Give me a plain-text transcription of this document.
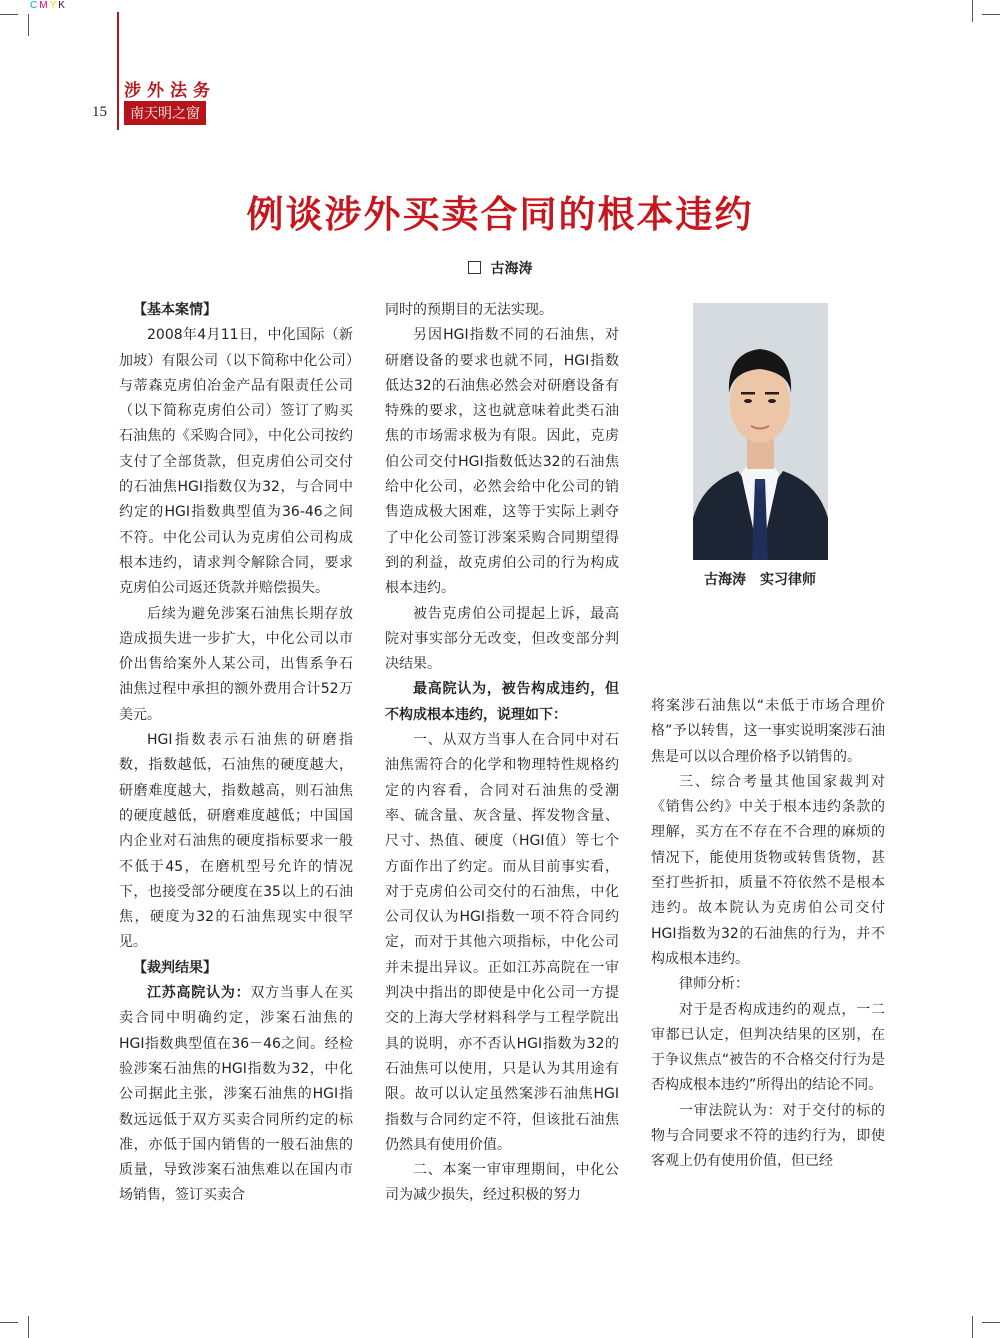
CMYK
涉外法务
15	南天明之窗
例谈涉外买卖合同的根本违约
古海涛

【基本案情】

2008年4月11日，中化国际（新加坡）有限公司（以下简称中化公司）与蒂森克虏伯冶金产品有限责任公司（以下简称克虏伯公司）签订了购买石油焦的《采购合同》，中化公司按约支付了全部货款，但克虏伯公司交付的石油焦HGI指数仅为32，与合同中约定的HGI指数典型值为36-46之间不符。中化公司认为克虏伯公司构成根本违约，请求判令解除合同，要求克虏伯公司返还货款并赔偿损失。

后续为避免涉案石油焦长期存放造成损失进一步扩大，中化公司以市价出售给案外人某公司，出售系争石油焦过程中承担的额外费用合计52万美元。

HGI指数表示石油焦的研磨指数，指数越低，石油焦的硬度越大，研磨难度越大，指数越高，则石油焦的硬度越低，研磨难度越低；中国国内企业对石油焦的硬度指标要求一般不低于45，在磨机型号允许的情况下，也接受部分硬度在35以上的石油焦，硬度为32的石油焦现实中很罕见。

【裁判结果】

江苏高院认为：双方当事人在买卖合同中明确约定，涉案石油焦的HGI指数典型值在36－46之间。经检验涉案石油焦的HGI指数为32，中化公司据此主张，涉案石油焦的HGI指数远远低于双方买卖合同所约定的标准，亦低于国内销售的一般石油焦的质量，导致涉案石油焦难以在国内市场销售，签订买卖合

同时的预期目的无法实现。

另因HGI指数不同的石油焦，对研磨设备的要求也就不同，HGI指数低达32的石油焦必然会对研磨设备有特殊的要求，这也就意味着此类石油焦的市场需求极为有限。因此，克虏伯公司交付HGI指数低达32的石油焦给中化公司，必然会给中化公司的销售造成极大困难，这等于实际上剥夺了中化公司签订涉案采购合同期望得到的利益，故克虏伯公司的行为构成根本违约。

被告克虏伯公司提起上诉，最高院对事实部分无改变，但改变部分判决结果。

最高院认为，被告构成违约，但不构成根本违约，说理如下：

一、从双方当事人在合同中对石油焦需符合的化学和物理特性规格约定的内容看，合同对石油焦的受潮率、硫含量、灰含量、挥发物含量、尺寸、热值、硬度（HGI值）等七个方面作出了约定。而从目前事实看，对于克虏伯公司交付的石油焦，中化公司仅认为HGI指数一项不符合同约定，而对于其他六项指标，中化公司并未提出异议。正如江苏高院在一审判决中指出的即使是中化公司一方提交的上海大学材料科学与工程学院出具的说明，亦不否认HGI指数为32的石油焦可以使用，只是认为其用途有限。故可以认定虽然案涉石油焦HGI指数与合同约定不符，但该批石油焦仍然具有使用价值。

二、本案一审审理期间，中化公司为减少损失，经过积极的努力

古海涛　实习律师

将案涉石油焦以“未低于市场合理价格”予以转售，这一事实说明案涉石油焦是可以以合理价格予以销售的。

三、综合考量其他国家裁判对《销售公约》中关于根本违约条款的理解，买方在不存在不合理的麻烦的情况下，能使用货物或转售货物，甚至打些折扣，质量不符依然不是根本违约。故本院认为克虏伯公司交付HGI指数为32的石油焦的行为，并不构成根本违约。

律师分析：

对于是否构成违约的观点，一二审都已认定，但判决结果的区别，在于争议焦点“被告的不合格交付行为是否构成根本违约”所得出的结论不同。

一审法院认为：对于交付的标的物与合同要求不符的违约行为，即使客观上仍有使用价值，但已经
